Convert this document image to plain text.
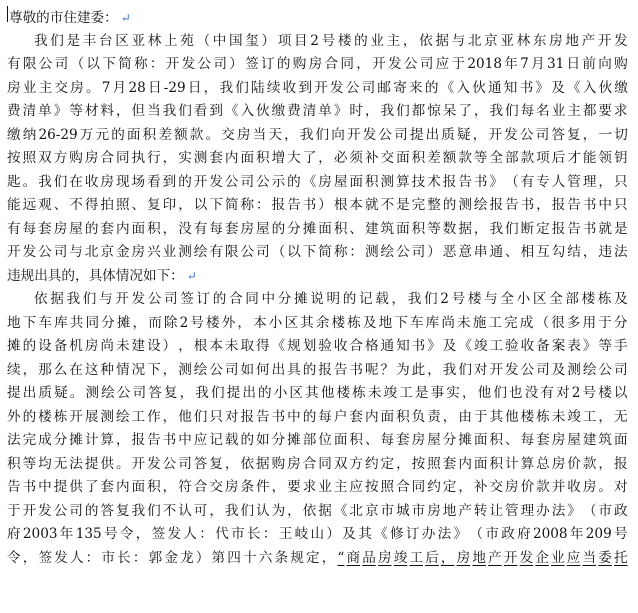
尊敬的市住建委： ↵
我 们 是 丰 台 区 亚 林 上 苑 （ 中 国 玺 ） 项 目 2 号 楼 的 业 主 ， 依 据 与 北 京 亚 林 东 房 地 产 开 发
有 限 公 司 （ 以 下 简 称 ： 开 发 公 司 ） 签 订 的 购 房 合 同 ， 开 发 公 司 应 于 2018 年 7 月 31 日 前 向 购
房 业 主 交 房 。 7 月 28 日 -29 日 ， 我 们 陆 续 收 到 开 发 公 司 邮 寄 来 的 《 入 伙 通 知 书 》 及 《 入 伙 缴
费 清 单 》 等 材 料 ， 但 当 我 们 看 到 《 入 伙 缴 费 清 单 》 时 ， 我 们 都 惊 呆 了 ， 我 们 每 名 业 主 都 要 求
缴 纳 26-29 万 元 的 面 积 差 额 款 。 交 房 当 天 ， 我 们 向 开 发 公 司 提 出 质 疑 ， 开 发 公 司 答 复 ， 一 切
按 照 双 方 购 房 合 同 执 行 ， 实 测 套 内 面 积 增 大 了 ， 必 须 补 交 面 积 差 额 款 等 全 部 款 项 后 才 能 领 钥
匙 。 我 们 在 收 房 现 场 看 到 的 开 发 公 司 公 示 的 《 房 屋 面 积 测 算 技 术 报 告 书 》 （ 有 专 人 管 理 ， 只
能 远 观 、 不 得 拍 照 、 复 印 ， 以 下 简 称 ： 报 告 书 ） 根 本 就 不 是 完 整 的 测 绘 报 告 书 ， 报 告 书 中 只
有 每 套 房 屋 的 套 内 面 积 ， 没 有 每 套 房 屋 的 分 摊 面 积 、 建 筑 面 积 等 数 据 ， 我 们 断 定 报 告 书 就 是
开 发 公 司 与 北 京 金 房 兴 业 测 绘 有 限 公 司 （ 以 下 简 称 ： 测 绘 公 司 ） 恶 意 串 通 、 相 互 勾 结 ， 违 法
违 规 出 具 的 ， 具 体 情 况 如 下 ： ↵
依 据 我 们 与 开 发 公 司 签 订 的 合 同 中 分 摊 说 明 的 记 载 ， 我 们 2 号 楼 与 全 小 区 全 部 楼 栋 及
地 下 车 库 共 同 分 摊 ， 而 除 2 号 楼 外 ， 本 小 区 其 余 楼 栋 及 地 下 车 库 尚 未 施 工 完 成 （ 很 多 用 于 分
摊 的 设 备 机 房 尚 未 建 设 ） ， 根 本 未 取 得 《 规 划 验 收 合 格 通 知 书 》 及 《 竣 工 验 收 备 案 表 》 等 手
续 ， 那 么 在 这 种 情 况 下 ， 测 绘 公 司 如 何 出 具 的 报 告 书 呢 ？ 为 此 ， 我 们 对 开 发 公 司 及 测 绘 公 司
提 出 质 疑 。 测 绘 公 司 答 复 ， 我 们 提 出 的 小 区 其 他 楼 栋 未 竣 工 是 事 实 ， 他 们 也 没 有 对 2 号 楼 以
外 的 楼 栋 开 展 测 绘 工 作 ， 他 们 只 对 报 告 书 中 的 每 户 套 内 面 积 负 责 ， 由 于 其 他 楼 栋 未 竣 工 ， 无
法 完 成 分 摊 计 算 ， 报 告 书 中 应 记 载 的 如 分 摊 部 位 面 积 、 每 套 房 屋 分 摊 面 积 、 每 套 房 屋 建 筑 面
积 等 均 无 法 提 供 。 开 发 公 司 答 复 ， 依 据 购 房 合 同 双 方 约 定 ， 按 照 套 内 面 积 计 算 总 房 价 款 ， 报
告 书 中 提 供 了 套 内 面 积 ， 符 合 交 房 条 件 ， 要 求 业 主 应 按 照 合 同 约 定 ， 补 交 房 价 款 并 收 房 。 对
于 开 发 公 司 的 答 复 我 们 不 认 可 ， 我 们 认 为 ， 依 据 《 北 京 市 城 市 房 地 产 转 让 管 理 办 法 》 （ 市 政
府 2003 年 135 号 令 ， 签 发 人 ： 代 市 长 ： 王 岐 山 ） 及 其 《 修 订 办 法 》 （ 市 政 府 2008 年 209 号
令 ， 签 发 人 ： 市 长 ： 郭 金 龙 ） 第 四 十 六 条 规 定 ， “ 商 品 房 竣 工 后 ， 房 地 产 开 发 企 业 应 当 委 托
